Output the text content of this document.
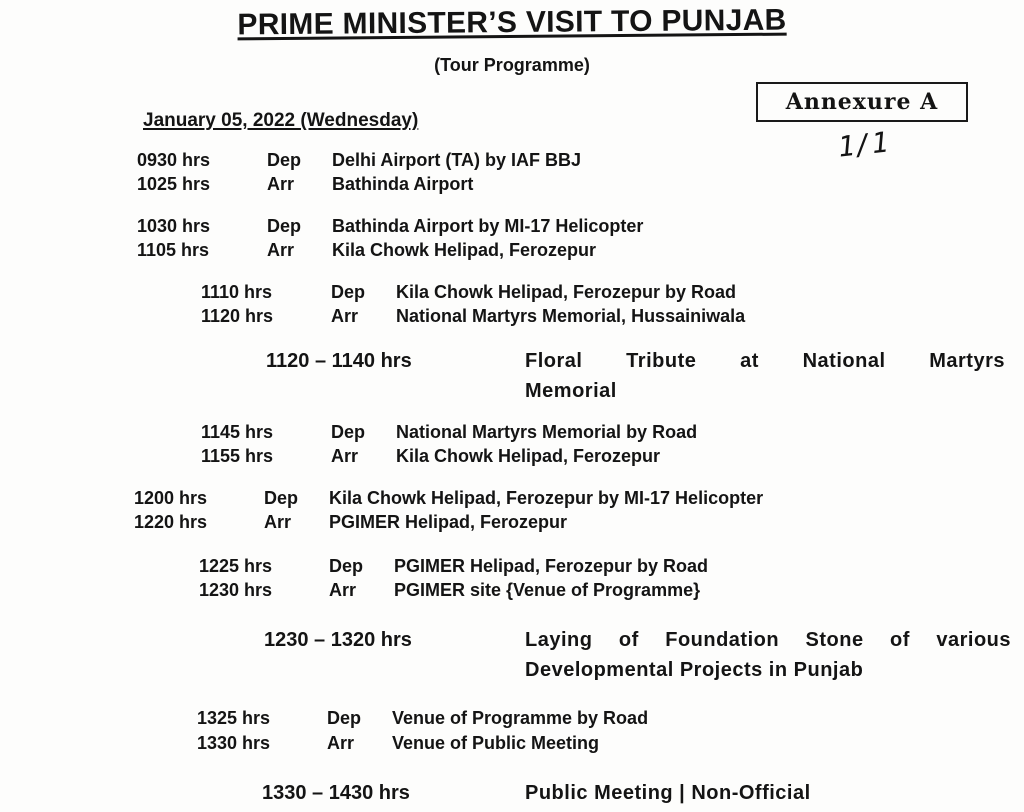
PRIME MINISTER’S VISIT TO PUNJAB
(Tour Programme)
Annexure A
1/1
January 05, 2022 (Wednesday)
0930 hrs	Dep Delhi Airport (TA) by IAF BBJ
1025 hrs	Arr Bathinda Airport
1030 hrs	Dep Bathinda Airport by MI-17 Helicopter
1105 hrs	Arr Kila Chowk Helipad, Ferozepur
1110 hrs	Dep Kila Chowk Helipad, Ferozepur by Road
1120 hrs	Arr National Martyrs Memorial, Hussainiwala
1120 – 1140 hrs	Floral Tribute at National Martyrs
Memorial
1145 hrs	Dep National Martyrs Memorial by Road
1155 hrs	Arr Kila Chowk Helipad, Ferozepur
1200 hrs	Dep Kila Chowk Helipad, Ferozepur by MI-17 Helicopter
1220 hrs	Arr PGIMER Helipad, Ferozepur
1225 hrs	Dep PGIMER Helipad, Ferozepur by Road
1230 hrs	Arr PGIMER site {Venue of Programme}
1230 – 1320 hrs	Laying of Foundation Stone of various
Developmental Projects in Punjab
1325 hrs	Dep Venue of Programme by Road
1330 hrs	Arr Venue of Public Meeting
1330 – 1430 hrs	Public Meeting | Non-Official
